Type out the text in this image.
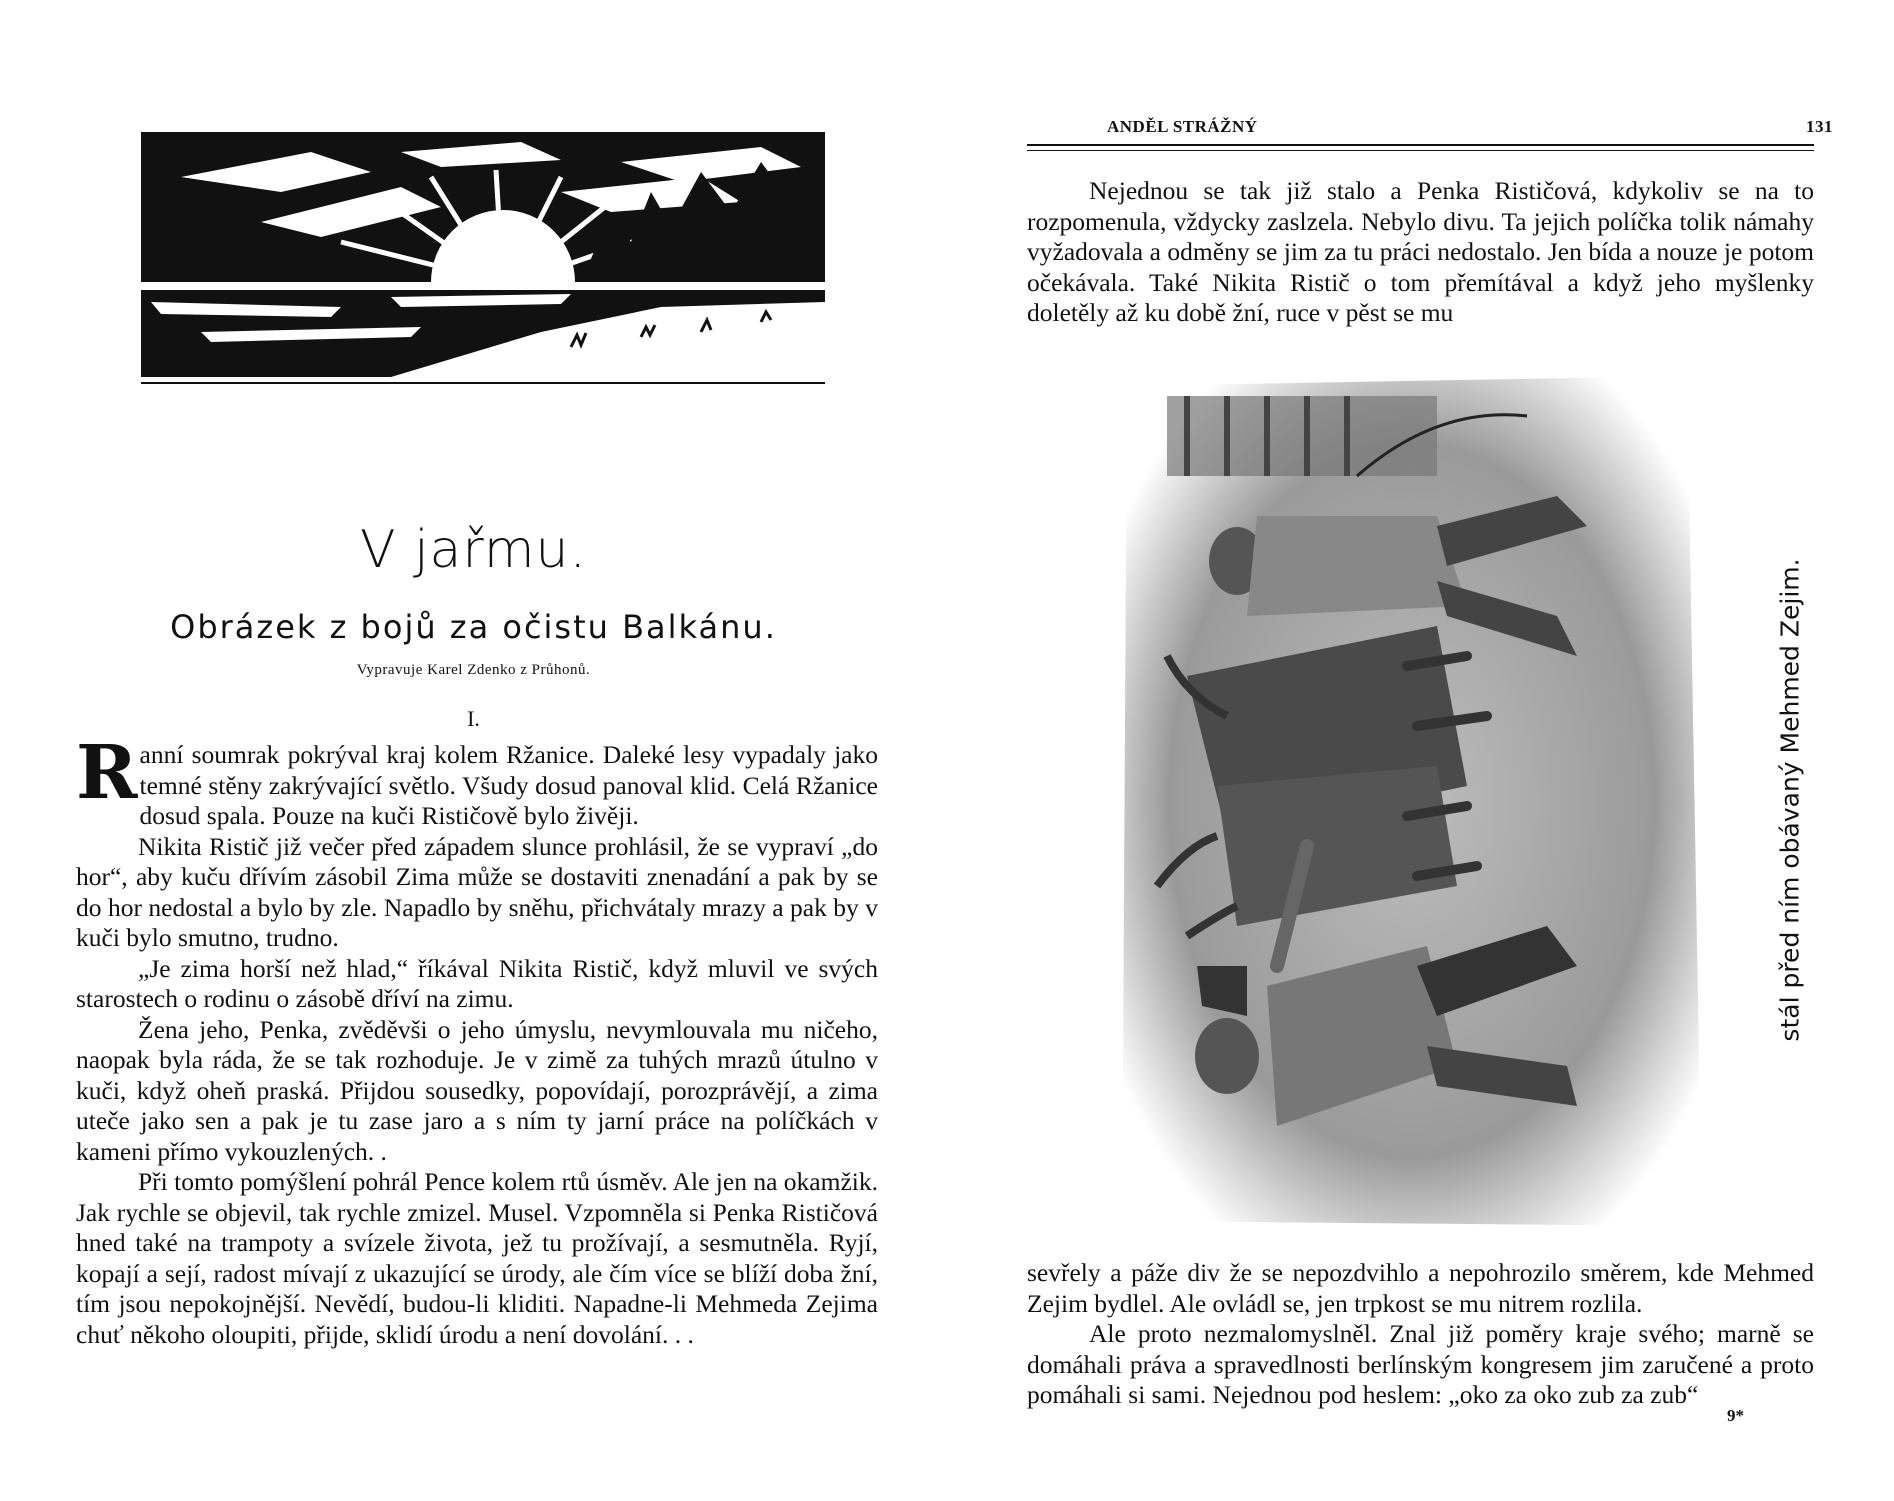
V jařmu.
Obrázek z bojů za očistu Balkánu.
Vypravuje Karel Zdenko z Průhonů.
I.

Ranní soumrak pokrýval kraj kolem Ržanice. Daleké lesy vypadaly jako temné stěny zakrývající světlo. Všudy dosud panoval klid. Celá Ržanice dosud spala. Pouze na kuči Rističově bylo živěji.

Nikita Ristič již večer před západem slunce prohlásil, že se vypraví „do hor“, aby kuču dřívím zásobil Zima může se dostaviti znenadání a pak by se do hor nedostal a bylo by zle. Napadlo by sněhu, přichvátaly mrazy a pak by v kuči bylo smutno, trudno.

„Je zima horší než hlad,“ říkával Nikita Ristič, když mluvil ve svých starostech o rodinu o zásobě dříví na zimu.

Žena jeho, Penka, zvěděvši o jeho úmyslu, nevymlouvala mu ničeho, naopak byla ráda, že se tak rozhoduje. Je v zimě za tuhých mrazů útulno v kuči, když oheň praská. Přijdou sousedky, popovídají, porozprávějí, a zima uteče jako sen a pak je tu zase jaro a s ním ty jarní práce na políčkách v kameni přímo vykouzlených. .

Při tomto pomýšlení pohrál Pence kolem rtů úsměv. Ale jen na okamžik. Jak rychle se objevil, tak rychle zmizel. Musel. Vzpomněla si Penka Rističová hned také na trampoty a svízele života, jež tu prožívají, a sesmutněla. Ryjí, kopají a sejí, radost mívají z ukazující se úrody, ale čím více se blíží doba žní, tím jsou nepokojnější. Nevědí, budou-li kliditi. Napadne-li Mehmeda Zejima chuť někoho oloupiti, přijde, sklidí úrodu a není dovolání. . .

ANDĚL STRÁŽNÝ	131

Nejednou se tak již stalo a Penka Rističová, kdykoliv se na to rozpomenula, vždycky zaslzela. Nebylo divu. Ta jejich políčka tolik námahy vyžadovala a odměny se jim za tu práci nedostalo. Jen bída a nouze je potom očekávala. Také Nikita Ristič o tom přemítával a když jeho myšlenky doletěly až ku době žní, ruce v pěst se mu

stál před ním obávaný Mehmed Zejim.

sevřely a páže div že se nepozdvihlo a nepohrozilo směrem, kde Mehmed Zejim bydlel. Ale ovládl se, jen trpkost se mu nitrem rozlila.

Ale proto nezmalomyslněl. Znal již poměry kraje svého; marně se domáhali práva a spravedlnosti berlínským kongresem jim zaručené a proto pomáhali si sami. Nejednou pod heslem: „oko za oko zub za zub“

9*
